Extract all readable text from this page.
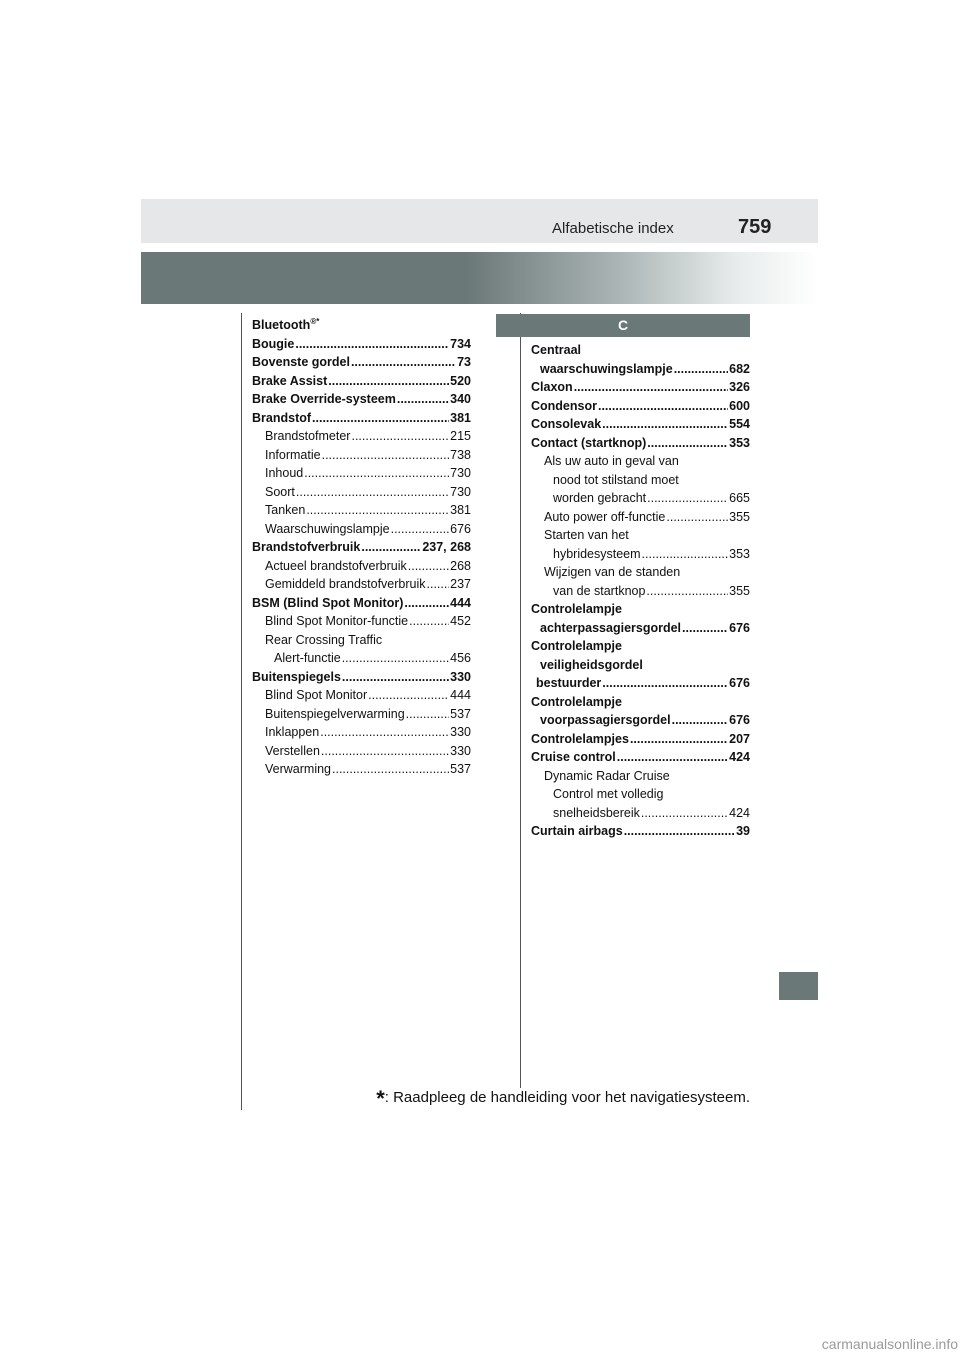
Alfabetische index	759
Bluetooth®*
Bougie .....	734
Bovenste gordel .....	73
Brake Assist .....	520
Brake Override-systeem .....	340
Brandstof .....	381
Brandstofmeter .....	215
Informatie .....	738
Inhoud .....	730
Soort .....	730
Tanken .....	381
Waarschuwingslampje .....	676
Brandstofverbruik .....	237, 268
Actueel brandstofverbruik .....	268
Gemiddeld brandstofverbruik ..... 237
BSM (Blind Spot Monitor) .....	444
Blind Spot Monitor-functie .....	452
Rear Crossing Traffic
Alert-functie .....	456
Buitenspiegels .....	330
Blind Spot Monitor .....	444
Buitenspiegelverwarming .....	537
Inklappen .....	330
Verstellen .....	330
Verwarming .....	537
C
Centraal
waarschuwingslampje .....	682
Claxon .....	326
Condensor .....	600
Consolevak .....	554
Contact (startknop) .....	353
Als uw auto in geval van
nood tot stilstand moet
worden gebracht .....	665
Auto power off-functie .....	355
Starten van het
hybridesysteem .....	353
Wijzigen van de standen
van de startknop .....	355
Controlelampje
achterpassagiersgordel .....	676
Controlelampje
veiligheidsgordel
bestuurder .....	676
Controlelampje
voorpassagiersgordel .....	676
Controlelampjes .....	207
Cruise control .....	424
Dynamic Radar Cruise
Control met volledig
snelheidsbereik .....	424
Curtain airbags .....	39
*: Raadpleeg de handleiding voor het navigatiesysteem.
carmanualsonline.info
